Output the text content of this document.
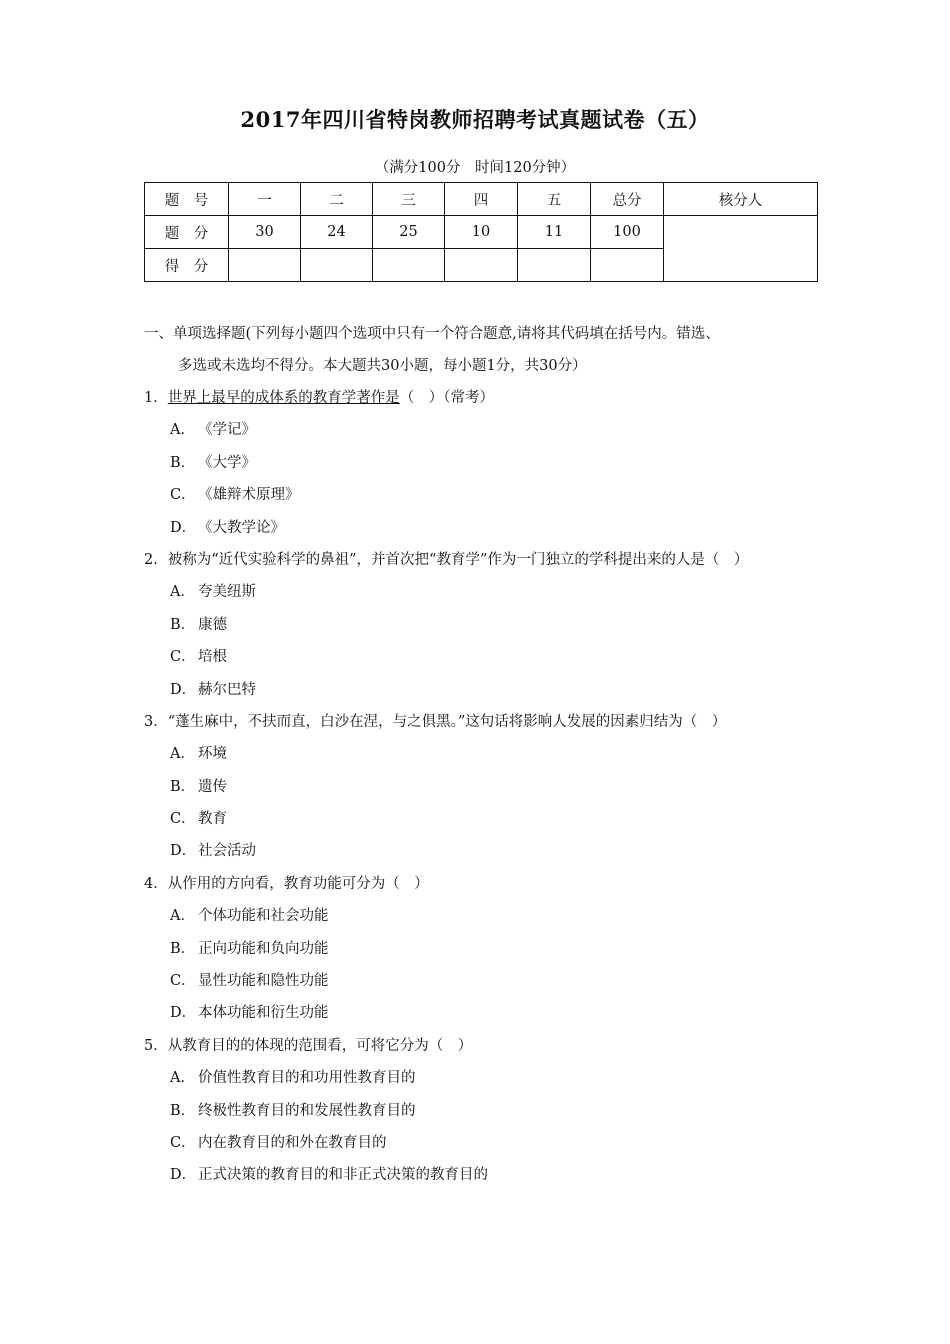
2017年四川省特岗教师招聘考试真题试卷（五）
（满分100分　时间120分钟）
题　号	一	二	三	四	五	总分	核分人
题　分	30	24	25	10	11	100	
得　分							
一、单项选择题(下列每小题四个选项中只有一个符合题意,请将其代码填在括号内。错选、
多选或未选均不得分。本大题共30小题，每小题1分，共30分）
1．世界上最早的成体系的教育学著作是（　）（常考）
A． 《学记》
B． 《大学》
C． 《雄辩术原理》
D． 《大教学论》
2．被称为“近代实验科学的鼻祖”，并首次把“教育学”作为一门独立的学科提出来的人是（　）
A． 夸美纽斯
B． 康德
C． 培根
D． 赫尔巴特
3．“蓬生麻中，不扶而直，白沙在涅，与之俱黑。”这句话将影响人发展的因素归结为（　）
A． 环境
B． 遗传
C． 教育
D． 社会活动
4．从作用的方向看，教育功能可分为（　）
A． 个体功能和社会功能
B． 正向功能和负向功能
C． 显性功能和隐性功能
D． 本体功能和衍生功能
5．从教育目的的体现的范围看，可将它分为（　）
A． 价值性教育目的和功用性教育目的
B． 终极性教育目的和发展性教育目的
C． 内在教育目的和外在教育目的
D． 正式决策的教育目的和非正式决策的教育目的
